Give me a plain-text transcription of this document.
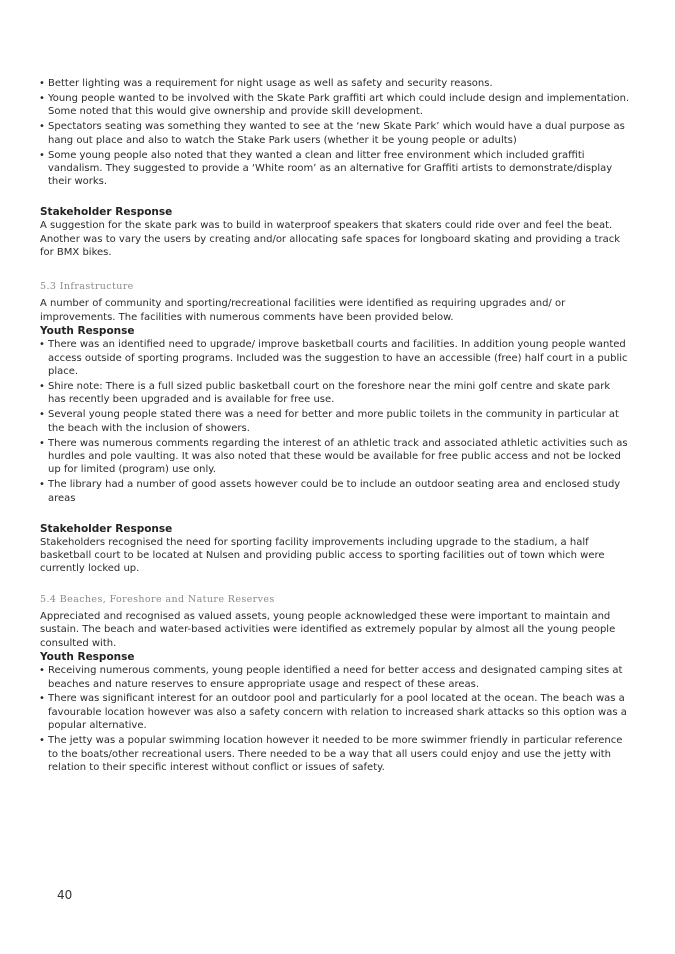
• Better lighting was a requirement for night usage as well as safety and security reasons.
• Young people wanted to be involved with the Skate Park graffiti art which could include design and implementation. Some noted that this would give ownership and provide skill development.
• Spectators seating was something they wanted to see at the ‘new Skate Park’ which would have a dual purpose as hang out place and also to watch the Stake Park users (whether it be young people or adults)
• Some young people also noted that they wanted a clean and litter free environment which included graffiti vandalism. They suggested to provide a ‘White room’ as an alternative for Graffiti artists to demonstrate/display their works.

Stakeholder Response

A suggestion for the skate park was to build in waterproof speakers that skaters could ride over and feel the beat. Another was to vary the users by creating and/or allocating safe spaces for longboard skating and providing a track for BMX bikes.

5.3 Infrastructure

A number of community and sporting/recreational facilities were identified as requiring upgrades and/ or improvements. The facilities with numerous comments have been provided below.

Youth Response

• There was an identified need to upgrade/ improve basketball courts and facilities. In addition young people wanted access outside of sporting programs. Included was the suggestion to have an accessible (free) half court in a public place.
• Shire note: There is a full sized public basketball court on the foreshore near the mini golf centre and skate park has recently been upgraded and is available for free use.
• Several young people stated there was a need for better and more public toilets in the community in particular at the beach with the inclusion of showers.
• There was numerous comments regarding the interest of an athletic track and associated athletic activities such as hurdles and pole vaulting. It was also noted that these would be available for free public access and not be locked up for limited (program) use only.
• The library had a number of good assets however could be to include an outdoor seating area and enclosed study areas

Stakeholder Response

Stakeholders recognised the need for sporting facility improvements including upgrade to the stadium, a half basketball court to be located at Nulsen and providing public access to sporting facilities out of town which were currently locked up.

5.4 Beaches, Foreshore and Nature Reserves

Appreciated and recognised as valued assets, young people acknowledged these were important to maintain and sustain. The beach and water-based activities were identified as extremely popular by almost all the young people consulted with.

Youth Response

• Receiving numerous comments, young people identified a need for better access and designated camping sites at beaches and nature reserves to ensure appropriate usage and respect of these areas.
• There was significant interest for an outdoor pool and particularly for a pool located at the ocean. The beach was a favourable location however was also a safety concern with relation to increased shark attacks so this option was a popular alternative.
• The jetty was a popular swimming location however it needed to be more swimmer friendly in particular reference to the boats/other recreational users. There needed to be a way that all users could enjoy and use the jetty with relation to their specific interest without conflict or issues of safety.
40
